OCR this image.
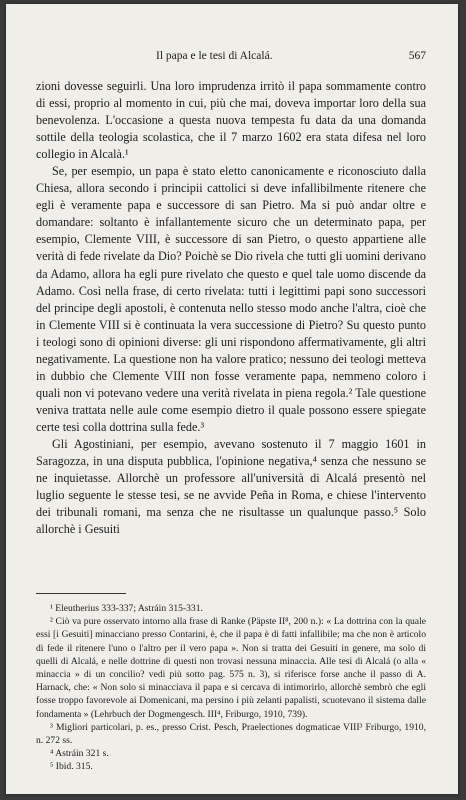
Il papa e le tesi di Alcalá.	567

zioni dovesse seguirli. Una loro imprudenza irritò il papa sommamente contro di essi, proprio al momento in cui, più che mai, doveva importar loro della sua benevolenza. L'occasione a questa nuova tempesta fu data da una domanda sottile della teologia scolastica, che il 7 marzo 1602 era stata difesa nel loro collegio in Alcalà.¹

Se, per esempio, un papa è stato eletto canonicamente e riconosciuto dalla Chiesa, allora secondo i principii cattolici si deve infallibilmente ritenere che egli è veramente papa e successore di san Pietro. Ma si può andar oltre e domandare: soltanto è infallantemente sicuro che un determinato papa, per esempio, Clemente VIII, è successore di san Pietro, o questo appartiene alle verità di fede rivelate da Dio? Poichè se Dio rivela che tutti gli uomini derivano da Adamo, allora ha egli pure rivelato che questo e quel tale uomo discende da Adamo. Così nella frase, di certo rivelata: tutti i legittimi papi sono successori del principe degli apostoli, è contenuta nello stesso modo anche l'altra, cioè che in Clemente VIII si è continuata la vera successione di Pietro? Su questo punto i teologi sono di opinioni diverse: gli uni rispondono affermativamente, gli altri negativamente. La questione non ha valore pratico; nessuno dei teologi metteva in dubbio che Clemente VIII non fosse veramente papa, nemmeno coloro i quali non vi potevano vedere una verità rivelata in piena regola.² Tale questione veniva trattata nelle aule come esempio dietro il quale possono essere spiegate certe tesi colla dottrina sulla fede.³

Gli Agostiniani, per esempio, avevano sostenuto il 7 maggio 1601 in Saragozza, in una disputa pubblica, l'opinione negativa,⁴ senza che nessuno se ne inquietasse. Allorchè un professore all'università di Alcalá presentò nel luglio seguente le stesse tesi, se ne avvide Peña in Roma, e chiese l'intervento dei tribunali romani, ma senza che ne risultasse un qualunque passo.⁵ Solo allorchè i Gesuiti

¹ Eleutherius 333-337; Astráin 315-331.

² Ciò va pure osservato intorno alla frase di Ranke (Päpste II⁸, 200 n.): « La dottrina con la quale essi [i Gesuiti] minacciano presso Contarini, è, che il papa è di fatti infallibile; ma che non è articolo di fede il ritenere l'uno o l'altro per il vero papa ». Non si tratta dei Gesuiti in genere, ma solo di quelli di Alcalá, e nelle dottrine di questi non trovasi nessuna minaccia. Alle tesi di Alcalá (o alla « minaccia » di un concilio? vedi più sotto pag. 575 n. 3), si riferisce forse anche il passo di A. Harnack, che: « Non solo si minacciava il papa e si cercava di intimorirlo, allorchè sembrò che egli fosse troppo favorevole ai Domenicani, ma persino i più zelanti papalisti, scuotevano il sistema dalle fondamenta » (Lehrbuch der Dogmengesch. III⁴, Friburgo, 1910, 739).

³ Migliori particolari, p. es., presso Crist. Pesch, Praelectiones dogmaticae VIII³ Friburgo, 1910, n. 272 ss.

⁴ Astráin 321 s.

⁵ Ibid. 315.
